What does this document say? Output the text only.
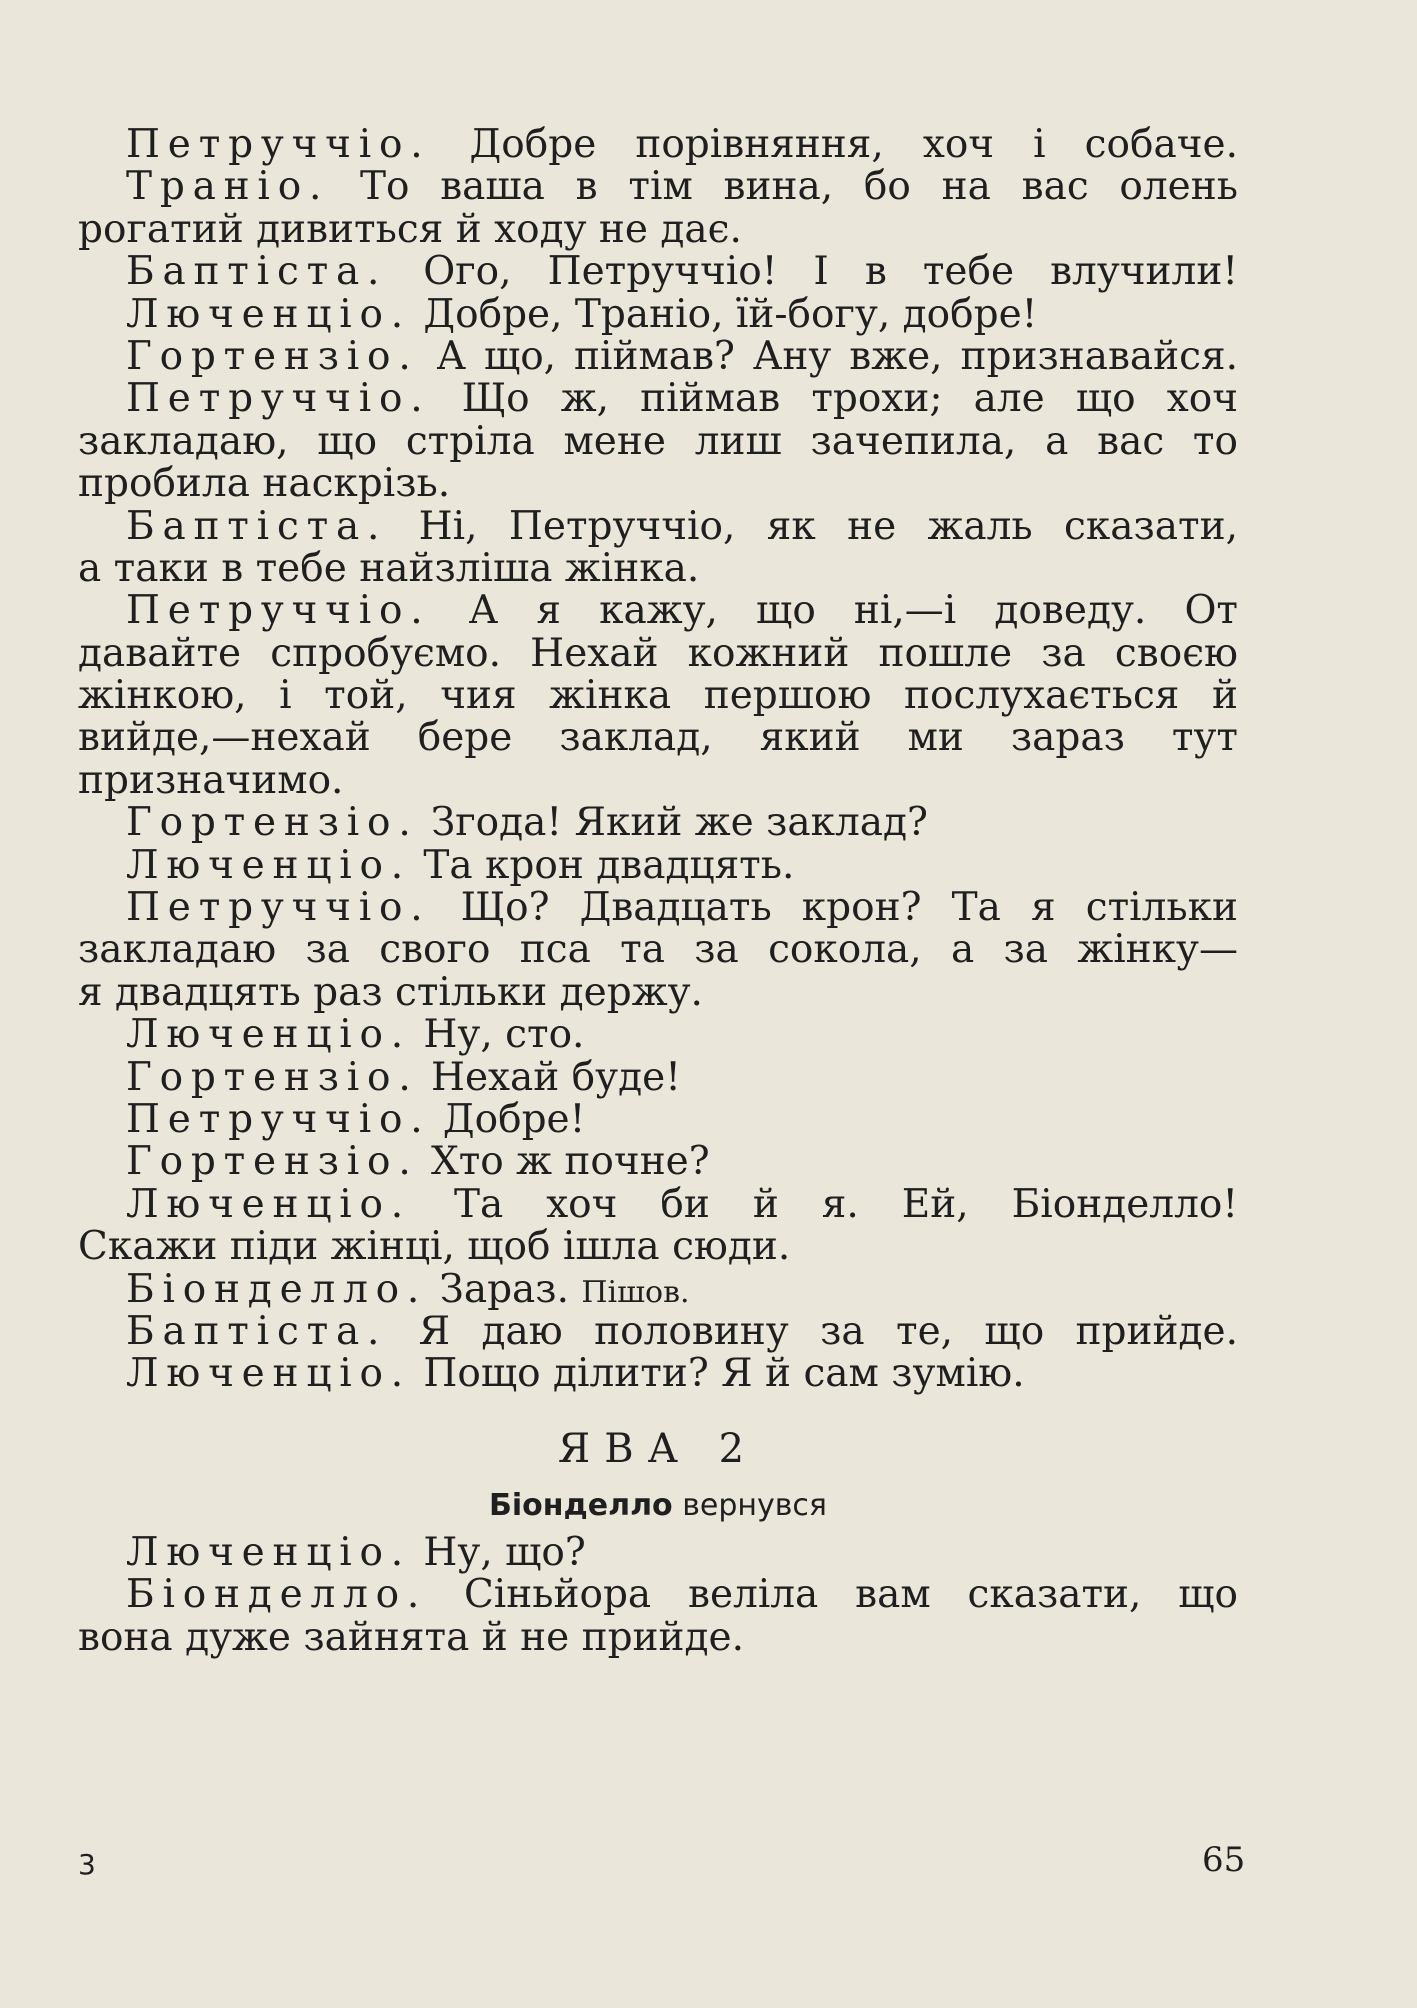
Петруччіо. Добре порівняння, хоч і собаче.
Траніо. То ваша в тім вина, бо на вас олень
рогатий дивиться й ходу не дає.
Баптіста. Ого, Петруччіо! І в тебе влучили!
Люченціо. Добре, Траніо, їй-богу, добре!
Гортензіо. А що, піймав? Ану вже, признавайся.
Петруччіо. Що ж, піймав трохи; але що хоч
закладаю, що стріла мене лиш зачепила, а вас то
пробила наскрізь.
Баптіста. Ні, Петруччіо, як не жаль сказати,
а таки в тебе найзліша жінка.
Петруччіо. А я кажу, що ні,—і доведу. От
давайте спробуємо. Нехай кожний пошле за своєю
жінкою, і той, чия жінка першою послухається й
вийде,—нехай бере заклад, який ми зараз тут
призначимо.
Гортензіо. Згода! Який же заклад?
Люченціо. Та крон двадцять.
Петруччіо. Що? Двадцать крон? Та я стільки
закладаю за свого пса та за сокола, а за жінку—
я двадцять раз стільки держу.
Люченціо. Ну, сто.
Гортензіо. Нехай буде!
Петруччіо. Добре!
Гортензіо. Хто ж почне?
Люченціо. Та хоч би й я. Ей, Біонделло!
Скажи піди жінці, щоб ішла сюди.
Біонделло. Зараз. Пішов.
Баптіста. Я даю половину за те, що прийде.
Люченціо. Пощо ділити? Я й сам зумію.
ЯВА 2
Біонделло вернувся
Люченціо. Ну, що?
Біонделло. Сіньйора веліла вам сказати, що
вона дуже зайнята й не прийде.
3	65
